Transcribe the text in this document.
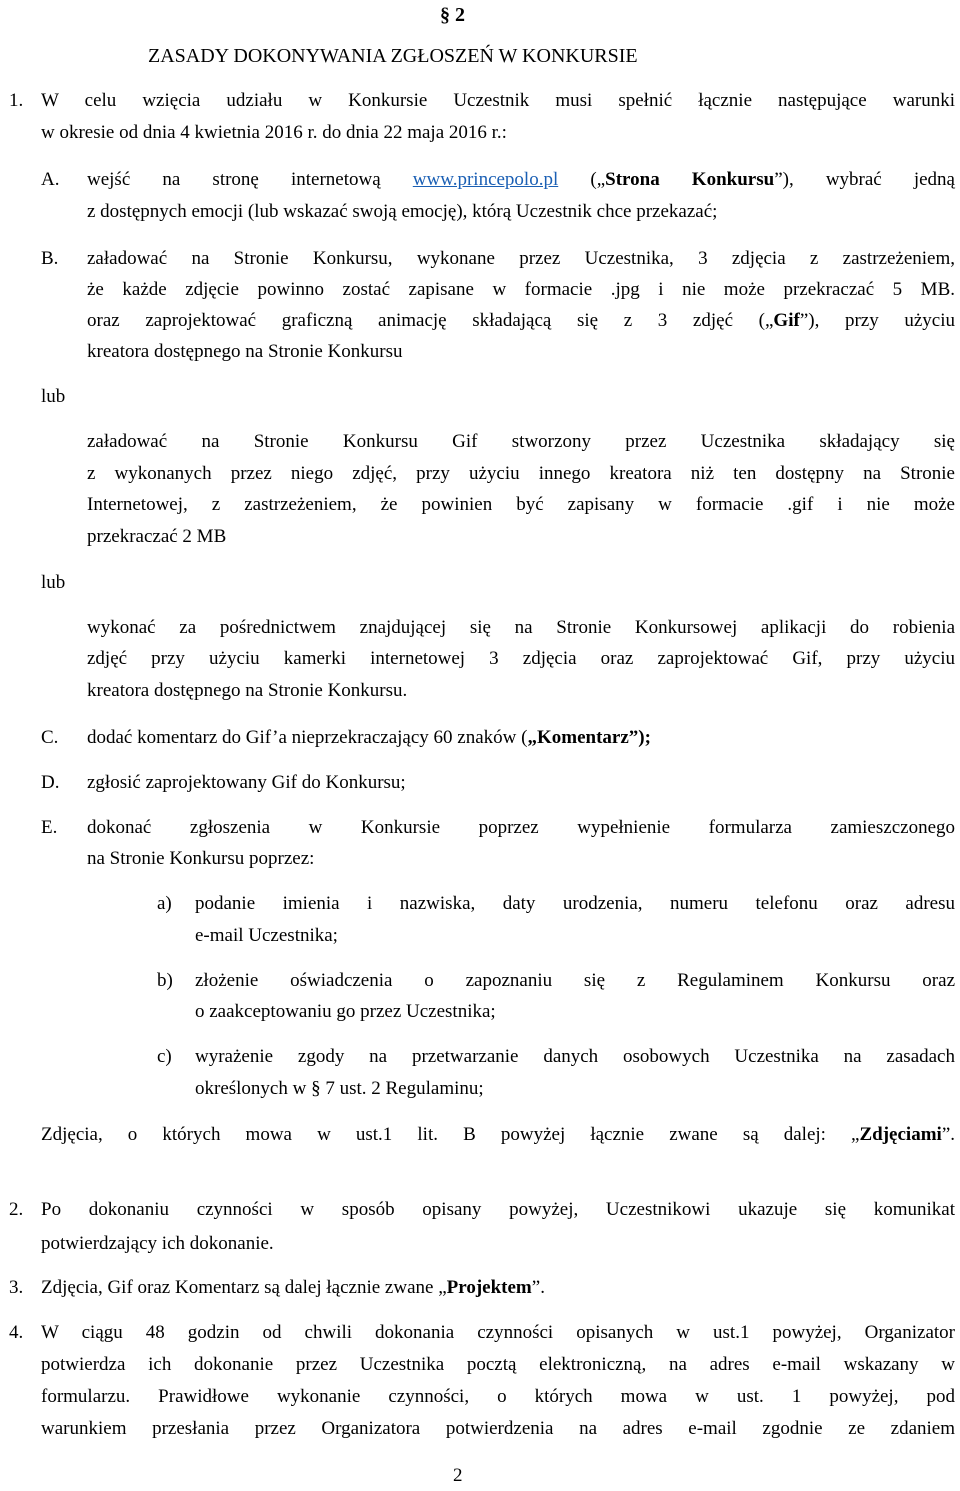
§ 2
ZASADY DOKONYWANIA ZGŁOSZEŃ W KONKURSIE
1. W celu wzięcia udziału w Konkursie Uczestnik musi spełnić łącznie następujące warunki
w okresie od dnia 4 kwietnia 2016 r. do dnia 22 maja 2016 r.:
A. wejść na stronę internetową www.princepolo.pl („Strona Konkursu”), wybrać jedną
z dostępnych emocji (lub wskazać swoją emocję), którą Uczestnik chce przekazać;
B. załadować na Stronie Konkursu, wykonane przez Uczestnika, 3 zdjęcia z zastrzeżeniem,
że każde zdjęcie powinno zostać zapisane w formacie .jpg i nie może przekraczać 5 MB.
oraz zaprojektować graficzną animację składającą się z 3 zdjęć („Gif”), przy użyciu
kreatora dostępnego na Stronie Konkursu
lub
załadować na Stronie Konkursu Gif stworzony przez Uczestnika składający się
z wykonanych przez niego zdjęć, przy użyciu innego kreatora niż ten dostępny na Stronie
Internetowej, z zastrzeżeniem, że powinien być zapisany w formacie .gif i nie może
przekraczać 2 MB
lub
wykonać za pośrednictwem znajdującej się na Stronie Konkursowej aplikacji do robienia
zdjęć przy użyciu kamerki internetowej 3 zdjęcia oraz zaprojektować Gif, przy użyciu
kreatora dostępnego na Stronie Konkursu.
C. dodać komentarz do Gif’a nieprzekraczający 60 znaków („Komentarz”);
D. zgłosić zaprojektowany Gif do Konkursu;
E. dokonać zgłoszenia w Konkursie poprzez wypełnienie formularza zamieszczonego
na Stronie Konkursu poprzez:
a) podanie imienia i nazwiska, daty urodzenia, numeru telefonu oraz adresu
e-mail Uczestnika;
b) złożenie oświadczenia o zapoznaniu się z Regulaminem Konkursu oraz
o zaakceptowaniu go przez Uczestnika;
c) wyrażenie zgody na przetwarzanie danych osobowych Uczestnika na zasadach
określonych w § 7 ust. 2 Regulaminu;
Zdjęcia, o których mowa w ust.1 lit. B powyżej łącznie zwane są dalej: „Zdjęciami”.
2. Po dokonaniu czynności w sposób opisany powyżej, Uczestnikowi ukazuje się komunikat
potwierdzający ich dokonanie.
3. Zdjęcia, Gif oraz Komentarz są dalej łącznie zwane „Projektem”.
4. W ciągu 48 godzin od chwili dokonania czynności opisanych w ust.1 powyżej, Organizator
potwierdza ich dokonanie przez Uczestnika pocztą elektroniczną, na adres e-mail wskazany w
formularzu. Prawidłowe wykonanie czynności, o których mowa w ust. 1 powyżej, pod
warunkiem przesłania przez Organizatora potwierdzenia na adres e-mail zgodnie ze zdaniem
2
